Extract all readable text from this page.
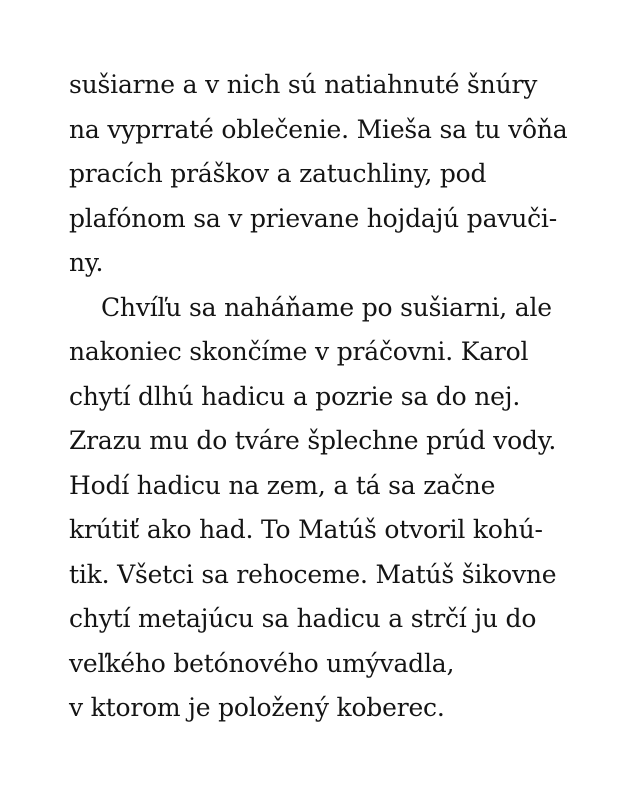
sušiarne a v nich sú natiahnuté šnúry
na vyprraté oblečenie. Mieša sa tu vôňa
pracích práškov a zatuchliny, pod
plafónom sa v prievane hojdajú pavuči-
ny.
Chvíľu sa naháňame po sušiarni, ale
nakoniec skončíme v práčovni. Karol
chytí dlhú hadicu a pozrie sa do nej.
Zrazu mu do tváre šplechne prúd vody.
Hodí hadicu na zem, a tá sa začne
krútiť ako had. To Matúš otvoril kohú-
tik. Všetci sa rehoceme. Matúš šikovne
chytí metajúcu sa hadicu a strčí ju do
veľkého betónového umývadla,
v ktorom je položený koberec.
